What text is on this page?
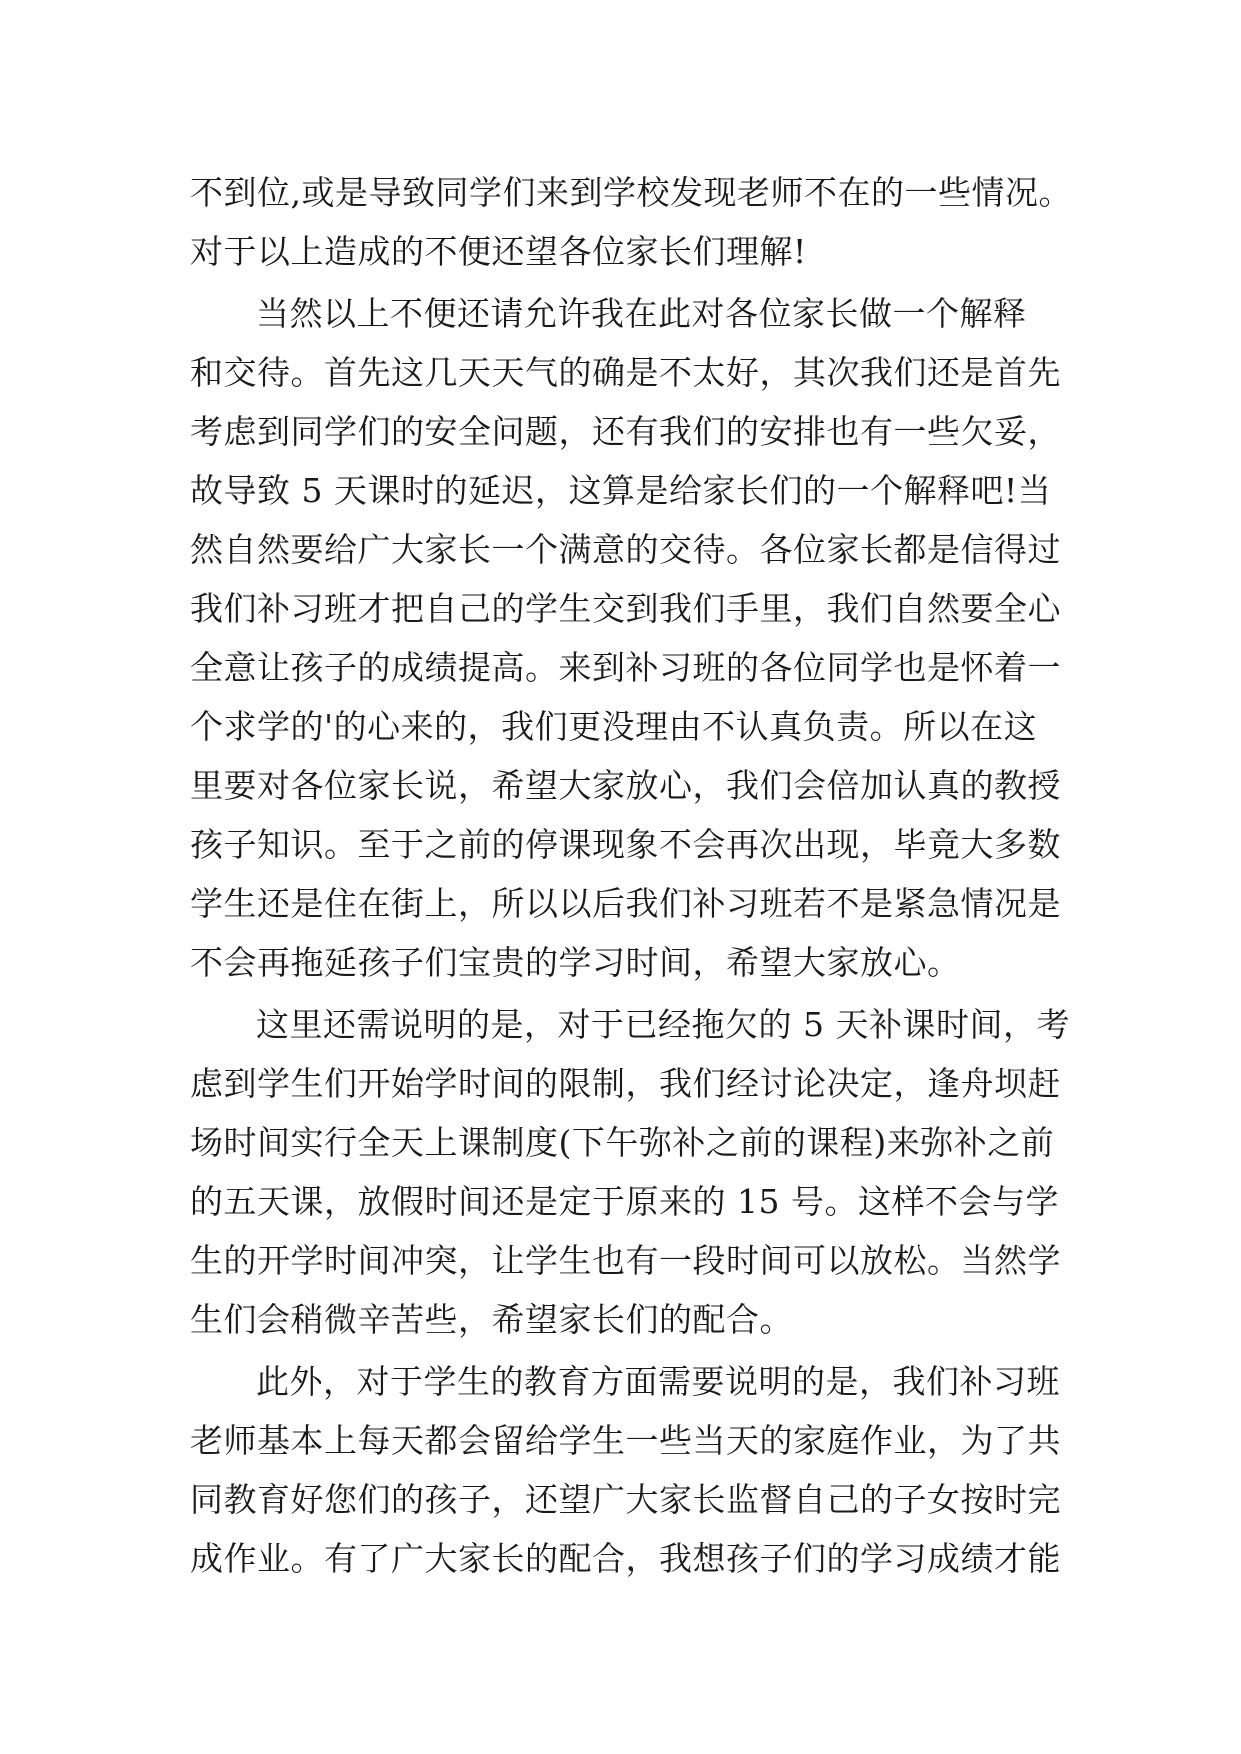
不到位,或是导致同学们来到学校发现老师不在的一些情况。
对于以上造成的不便还望各位家长们理解!
当然以上不便还请允许我在此对各位家长做一个解释
和交待。首先这几天天气的确是不太好，其次我们还是首先
考虑到同学们的安全问题，还有我们的安排也有一些欠妥，
故导致 5 天课时的延迟，这算是给家长们的一个解释吧!当
然自然要给广大家长一个满意的交待。各位家长都是信得过
我们补习班才把自己的学生交到我们手里，我们自然要全心
全意让孩子的成绩提高。来到补习班的各位同学也是怀着一
个求学的'的心来的，我们更没理由不认真负责。所以在这
里要对各位家长说，希望大家放心，我们会倍加认真的教授
孩子知识。至于之前的停课现象不会再次出现，毕竟大多数
学生还是住在街上，所以以后我们补习班若不是紧急情况是
不会再拖延孩子们宝贵的学习时间，希望大家放心。
这里还需说明的是，对于已经拖欠的 5 天补课时间，考
虑到学生们开始学时间的限制，我们经讨论决定，逢舟坝赶
场时间实行全天上课制度(下午弥补之前的课程)来弥补之前
的五天课，放假时间还是定于原来的 15 号。这样不会与学
生的开学时间冲突，让学生也有一段时间可以放松。当然学
生们会稍微辛苦些，希望家长们的配合。
此外，对于学生的教育方面需要说明的是，我们补习班
老师基本上每天都会留给学生一些当天的家庭作业，为了共
同教育好您们的孩子，还望广大家长监督自己的子女按时完
成作业。有了广大家长的配合，我想孩子们的学习成绩才能
